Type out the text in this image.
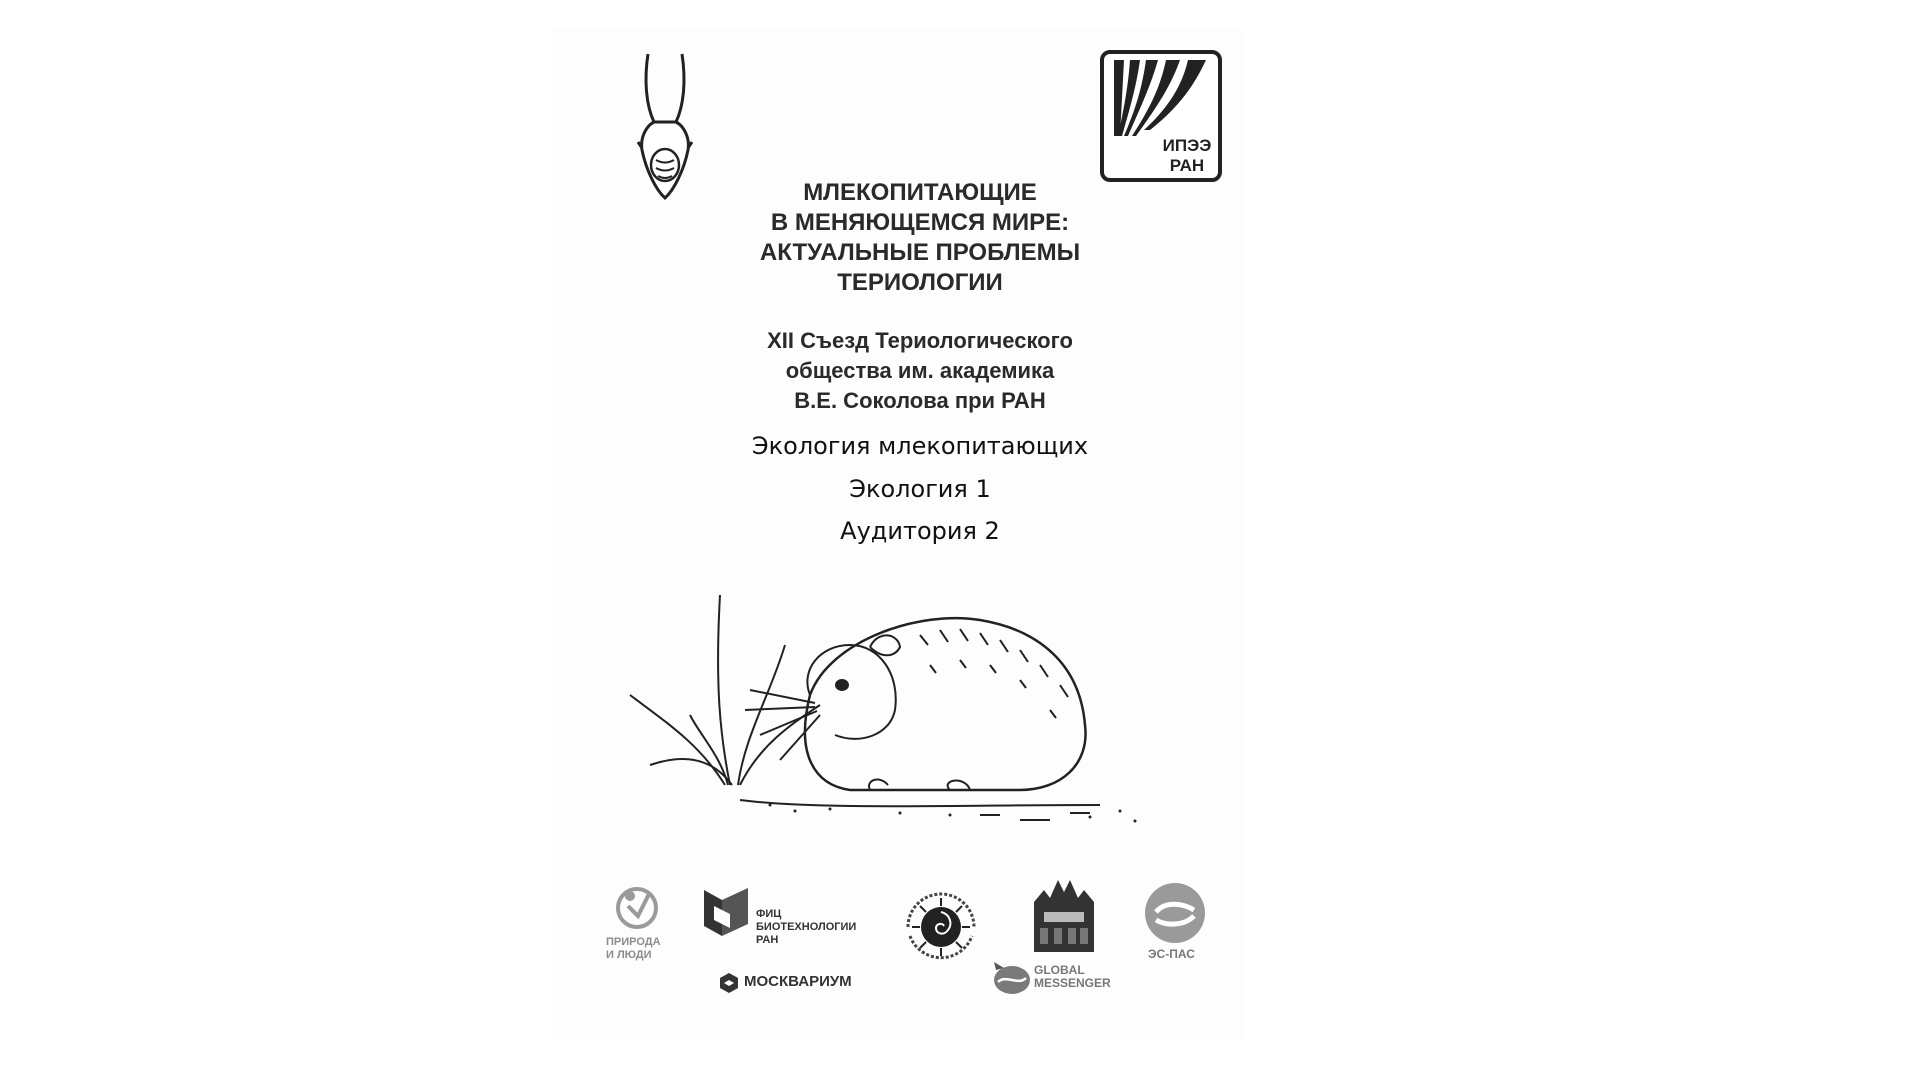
ИПЭЭ
РАН
МЛЕКОПИТАЮЩИЕ
В МЕНЯЮЩЕМСЯ МИРЕ:
АКТУАЛЬНЫЕ ПРОБЛЕМЫ
ТЕРИОЛОГИИ
XII Съезд Териологического
общества им. академика
В.Е. Соколова при РАН
Экология млекопитающих
Экология 1
Аудитория 2
ПРИРОДА
И ЛЮДИ
ФИЦ
БИОТЕХНОЛОГИИ
РАН
МОСКВАРИУМ
GLOBAL
MESSENGER
ЭС-ПАС
